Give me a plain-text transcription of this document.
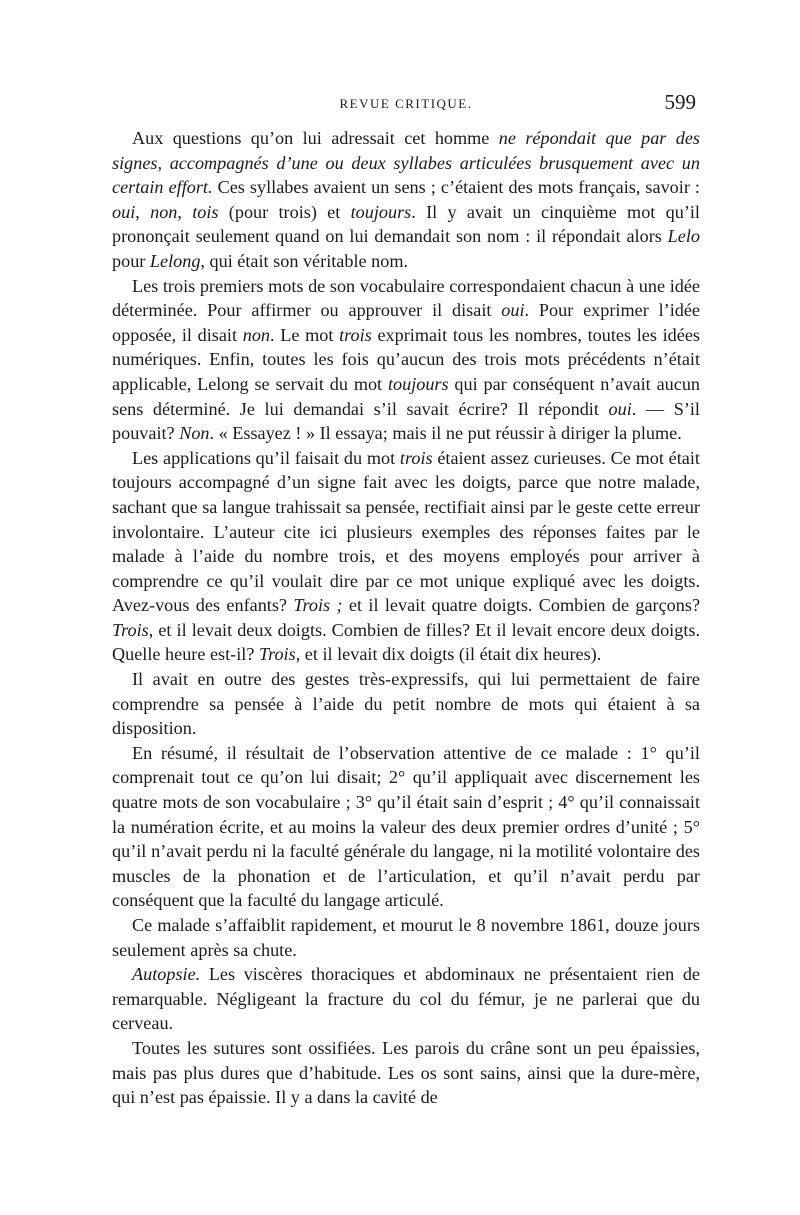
REVUE CRITIQUE.	599

Aux questions qu’on lui adressait cet homme ne répondait que par des signes, accompagnés d’une ou deux syllabes articulées brusquement avec un certain effort. Ces syllabes avaient un sens ; c’étaient des mots français, savoir : oui, non, tois (pour trois) et toujours. Il y avait un cinquième mot qu’il prononçait seulement quand on lui demandait son nom : il répondait alors Lelo pour Lelong, qui était son véritable nom.

Les trois premiers mots de son vocabulaire correspondaient chacun à une idée déterminée. Pour affirmer ou approuver il disait oui. Pour exprimer l’idée opposée, il disait non. Le mot trois exprimait tous les nombres, toutes les idées numériques. Enfin, toutes les fois qu’aucun des trois mots précédents n’était applicable, Lelong se servait du mot toujours qui par conséquent n’avait aucun sens déterminé. Je lui demandai s’il savait écrire? Il répondit oui. — S’il pouvait? Non. « Essayez ! » Il essaya; mais il ne put réussir à diriger la plume.

Les applications qu’il faisait du mot trois étaient assez curieuses. Ce mot était toujours accompagné d’un signe fait avec les doigts, parce que notre malade, sachant que sa langue trahissait sa pensée, rectifiait ainsi par le geste cette erreur involontaire. L’auteur cite ici plusieurs exemples des réponses faites par le malade à l’aide du nombre trois, et des moyens employés pour arriver à comprendre ce qu’il voulait dire par ce mot unique expliqué avec les doigts. Avez-vous des enfants? Trois ; et il levait quatre doigts. Combien de garçons? Trois, et il levait deux doigts. Combien de filles? Et il levait encore deux doigts. Quelle heure est-il? Trois, et il levait dix doigts (il était dix heures).

Il avait en outre des gestes très-expressifs, qui lui permettaient de faire comprendre sa pensée à l’aide du petit nombre de mots qui étaient à sa disposition.

En résumé, il résultait de l’observation attentive de ce malade : 1° qu’il comprenait tout ce qu’on lui disait; 2° qu’il appliquait avec discernement les quatre mots de son vocabulaire ; 3° qu’il était sain d’esprit ; 4° qu’il connaissait la numération écrite, et au moins la valeur des deux premier ordres d’unité ; 5° qu’il n’avait perdu ni la faculté générale du langage, ni la motilité volontaire des muscles de la phonation et de l’articulation, et qu’il n’avait perdu par conséquent que la faculté du langage articulé.

Ce malade s’affaiblit rapidement, et mourut le 8 novembre 1861, douze jours seulement après sa chute.

Autopsie. Les viscères thoraciques et abdominaux ne présentaient rien de remarquable. Négligeant la fracture du col du fémur, je ne parlerai que du cerveau.

Toutes les sutures sont ossifiées. Les parois du crâne sont un peu épaissies, mais pas plus dures que d’habitude. Les os sont sains, ainsi que la dure-mère, qui n’est pas épaissie. Il y a dans la cavité de
